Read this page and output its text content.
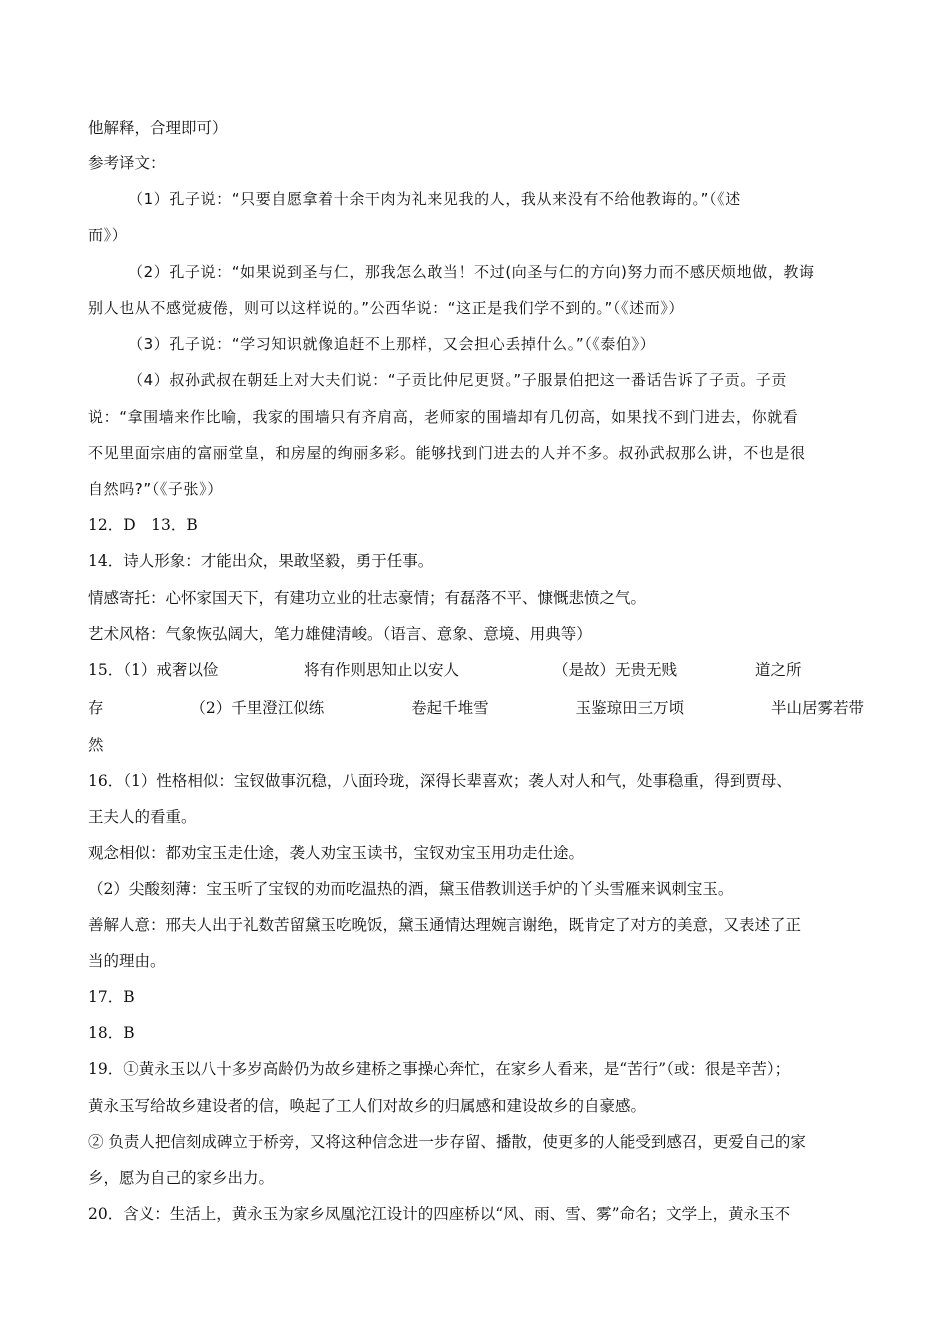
他解释，合理即可）
参考译文：
（1）孔子说：“只要自愿拿着十余干肉为礼来见我的人，我从来没有不给他教诲的。”（《述
而》）
（2）孔子说：“如果说到圣与仁，那我怎么敢当！不过(向圣与仁的方向)努力而不感厌烦地做，教诲
别人也从不感觉疲倦，则可以这样说的。”公西华说：“这正是我们学不到的。”（《述而》）
（3）孔子说：“学习知识就像追赶不上那样，又会担心丢掉什么。”（《泰伯》）
（4）叔孙武叔在朝廷上对大夫们说：“子贡比仲尼更贤。”子服景伯把这一番话告诉了子贡。子贡
说：“拿围墙来作比喻，我家的围墙只有齐肩高，老师家的围墙却有几仞高，如果找不到门进去，你就看
不见里面宗庙的富丽堂皇，和房屋的绚丽多彩。能够找到门进去的人并不多。叔孙武叔那么讲，不也是很
自然吗?”（《子张》）
12．D　13．B
14．诗人形象：才能出众，果敢坚毅，勇于任事。
情感寄托：心怀家国天下，有建功立业的壮志豪情；有磊落不平、慷慨悲愤之气。
艺术风格：气象恢弘阔大，笔力雄健清峻。（语言、意象、意境、用典等）
15．（1）戒奢以俭	将有作则思知止以安人	（是故）无贵无贱	道之所
存	（2）千里澄江似练	卷起千堆雪	玉鉴琼田三万顷	半山居雾若带
然
16．（1）性格相似：宝钗做事沉稳，八面玲珑，深得长辈喜欢；袭人对人和气，处事稳重，得到贾母、
王夫人的看重。
观念相似：都劝宝玉走仕途，袭人劝宝玉读书，宝钗劝宝玉用功走仕途。
（2）尖酸刻薄：宝玉听了宝钗的劝而吃温热的酒，黛玉借教训送手炉的丫头雪雁来讽刺宝玉。
善解人意：邢夫人出于礼数苦留黛玉吃晚饭，黛玉通情达理婉言谢绝，既肯定了对方的美意，又表述了正
当的理由。
17．B
18．B
19．①黄永玉以八十多岁高龄仍为故乡建桥之事操心奔忙，在家乡人看来，是“苦行”（或：很是辛苦）；
黄永玉写给故乡建设者的信，唤起了工人们对故乡的归属感和建设故乡的自豪感。
② 负责人把信刻成碑立于桥旁，又将这种信念进一步存留、播散，使更多的人能受到感召，更爱自己的家
乡，愿为自己的家乡出力。
20．含义：生活上，黄永玉为家乡凤凰沱江设计的四座桥以“风、雨、雪、雾”命名；文学上，黄永玉不
